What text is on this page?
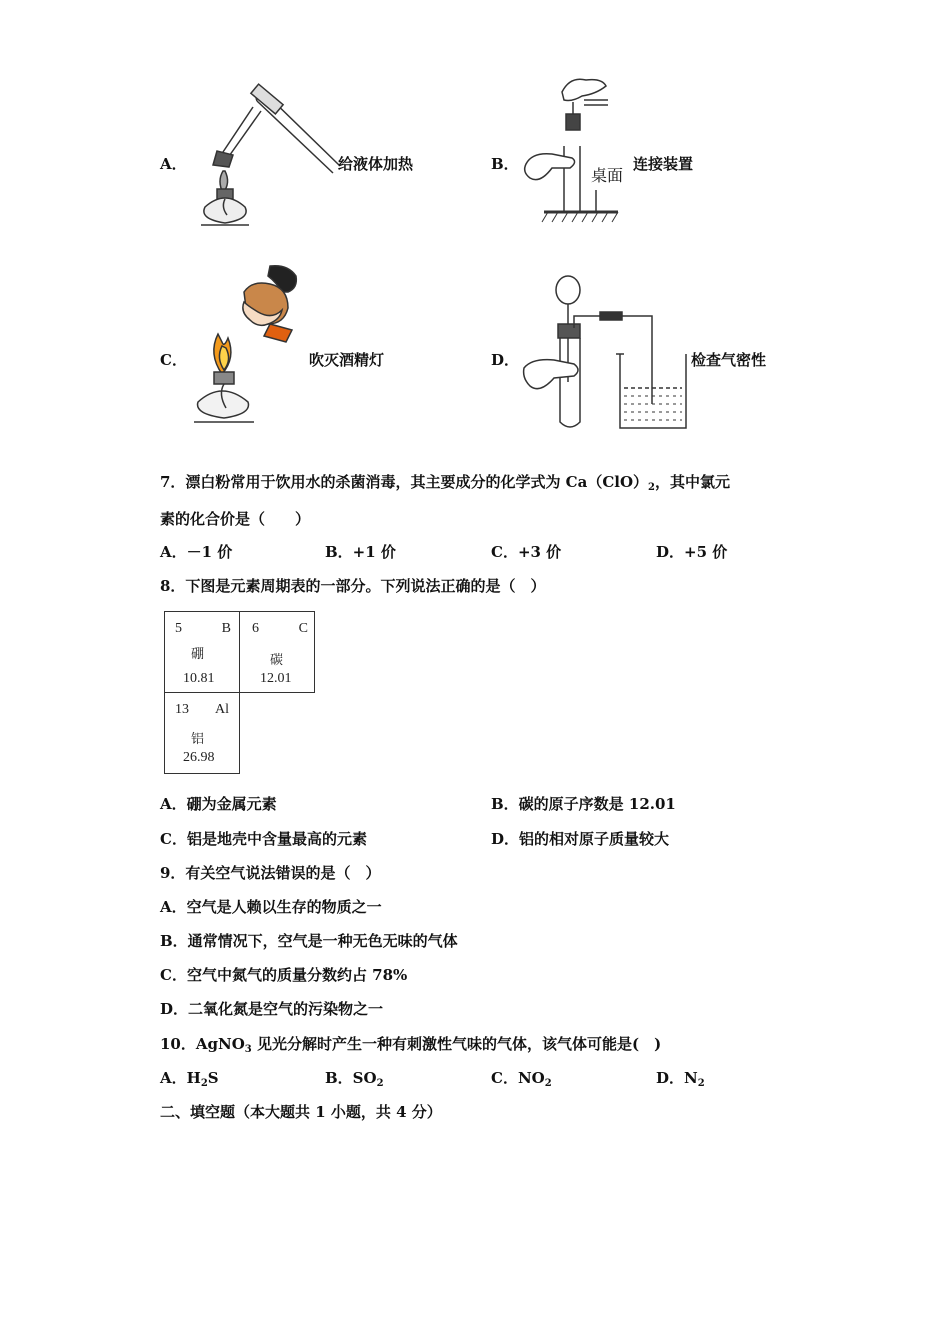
A．	给液体加热	B．
桌面
连接装置
C．	吹灭酒精灯	D．	检查气密性
7．漂白粉常用于饮用水的杀菌消毒，其主要成分的化学式为 $Ca(ClO)_2$，其中氯元
素的化合价是（　　）
A．－1 价	B．+1 价	C．+3 价	D．+5 价
8．下图是元素周期表的一部分。下列说法正确的是（　）
5	B
硼
10.81
6	C
碳
12.01
13 Al
铝
26.98
A．硼为金属元素	B．碳的原子序数是 12.01
C．铝是地壳中含量最高的元素	D．铝的相对原子质量较大
9．有关空气说法错误的是（　）
A．空气是人赖以生存的物质之一
B．通常情况下，空气是一种无色无味的气体
C．空气中氮气的质量分数约占 78%
D．二氧化氮是空气的污染物之一
10．AgNO$_3$ 见光分解时产生一种有刺激性气味的气体，该气体可能是(　)
A．$H_2S$	B．$SO_2$	C．$NO_2$	D．$N_2$
二、填空题（本大题共 1 小题，共 4 分）
